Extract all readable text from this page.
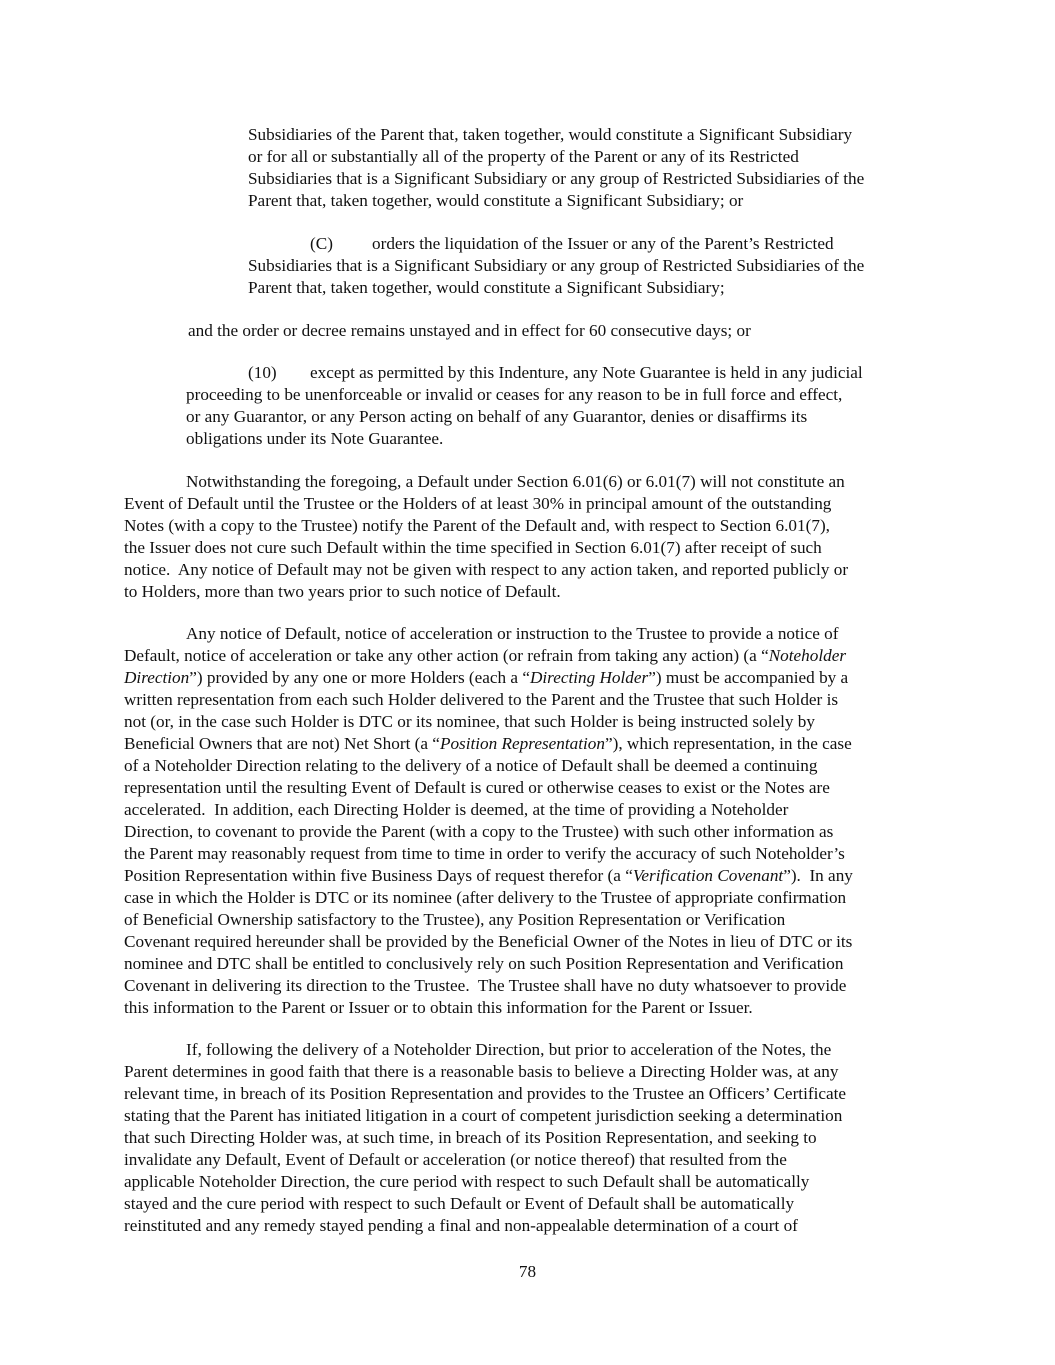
Subsidiaries of the Parent that, taken together, would constitute a Significant Subsidiary
or for all or substantially all of the property of the Parent or any of its Restricted
Subsidiaries that is a Significant Subsidiary or any group of Restricted Subsidiaries of the
Parent that, taken together, would constitute a Significant Subsidiary; or
(C) orders the liquidation of the Issuer or any of the Parent’s Restricted
Subsidiaries that is a Significant Subsidiary or any group of Restricted Subsidiaries of the
Parent that, taken together, would constitute a Significant Subsidiary;
and the order or decree remains unstayed and in effect for 60 consecutive days; or
(10) except as permitted by this Indenture, any Note Guarantee is held in any judicial
proceeding to be unenforceable or invalid or ceases for any reason to be in full force and effect,
or any Guarantor, or any Person acting on behalf of any Guarantor, denies or disaffirms its
obligations under its Note Guarantee.
Notwithstanding the foregoing, a Default under Section 6.01(6) or 6.01(7) will not constitute an
Event of Default until the Trustee or the Holders of at least 30% in principal amount of the outstanding
Notes (with a copy to the Trustee) notify the Parent of the Default and, with respect to Section 6.01(7),
the Issuer does not cure such Default within the time specified in Section 6.01(7) after receipt of such
notice.  Any notice of Default may not be given with respect to any action taken, and reported publicly or
to Holders, more than two years prior to such notice of Default.
Any notice of Default, notice of acceleration or instruction to the Trustee to provide a notice of
Default, notice of acceleration or take any other action (or refrain from taking any action) (a “Noteholder
Direction”) provided by any one or more Holders (each a “Directing Holder”) must be accompanied by a
written representation from each such Holder delivered to the Parent and the Trustee that such Holder is
not (or, in the case such Holder is DTC or its nominee, that such Holder is being instructed solely by
Beneficial Owners that are not) Net Short (a “Position Representation”), which representation, in the case
of a Noteholder Direction relating to the delivery of a notice of Default shall be deemed a continuing
representation until the resulting Event of Default is cured or otherwise ceases to exist or the Notes are
accelerated.  In addition, each Directing Holder is deemed, at the time of providing a Noteholder
Direction, to covenant to provide the Parent (with a copy to the Trustee) with such other information as
the Parent may reasonably request from time to time in order to verify the accuracy of such Noteholder’s
Position Representation within five Business Days of request therefor (a “Verification Covenant”).  In any
case in which the Holder is DTC or its nominee (after delivery to the Trustee of appropriate confirmation
of Beneficial Ownership satisfactory to the Trustee), any Position Representation or Verification
Covenant required hereunder shall be provided by the Beneficial Owner of the Notes in lieu of DTC or its
nominee and DTC shall be entitled to conclusively rely on such Position Representation and Verification
Covenant in delivering its direction to the Trustee.  The Trustee shall have no duty whatsoever to provide
this information to the Parent or Issuer or to obtain this information for the Parent or Issuer.
If, following the delivery of a Noteholder Direction, but prior to acceleration of the Notes, the
Parent determines in good faith that there is a reasonable basis to believe a Directing Holder was, at any
relevant time, in breach of its Position Representation and provides to the Trustee an Officers’ Certificate
stating that the Parent has initiated litigation in a court of competent jurisdiction seeking a determination
that such Directing Holder was, at such time, in breach of its Position Representation, and seeking to
invalidate any Default, Event of Default or acceleration (or notice thereof) that resulted from the
applicable Noteholder Direction, the cure period with respect to such Default shall be automatically
stayed and the cure period with respect to such Default or Event of Default shall be automatically
reinstituted and any remedy stayed pending a final and non-appealable determination of a court of
78
